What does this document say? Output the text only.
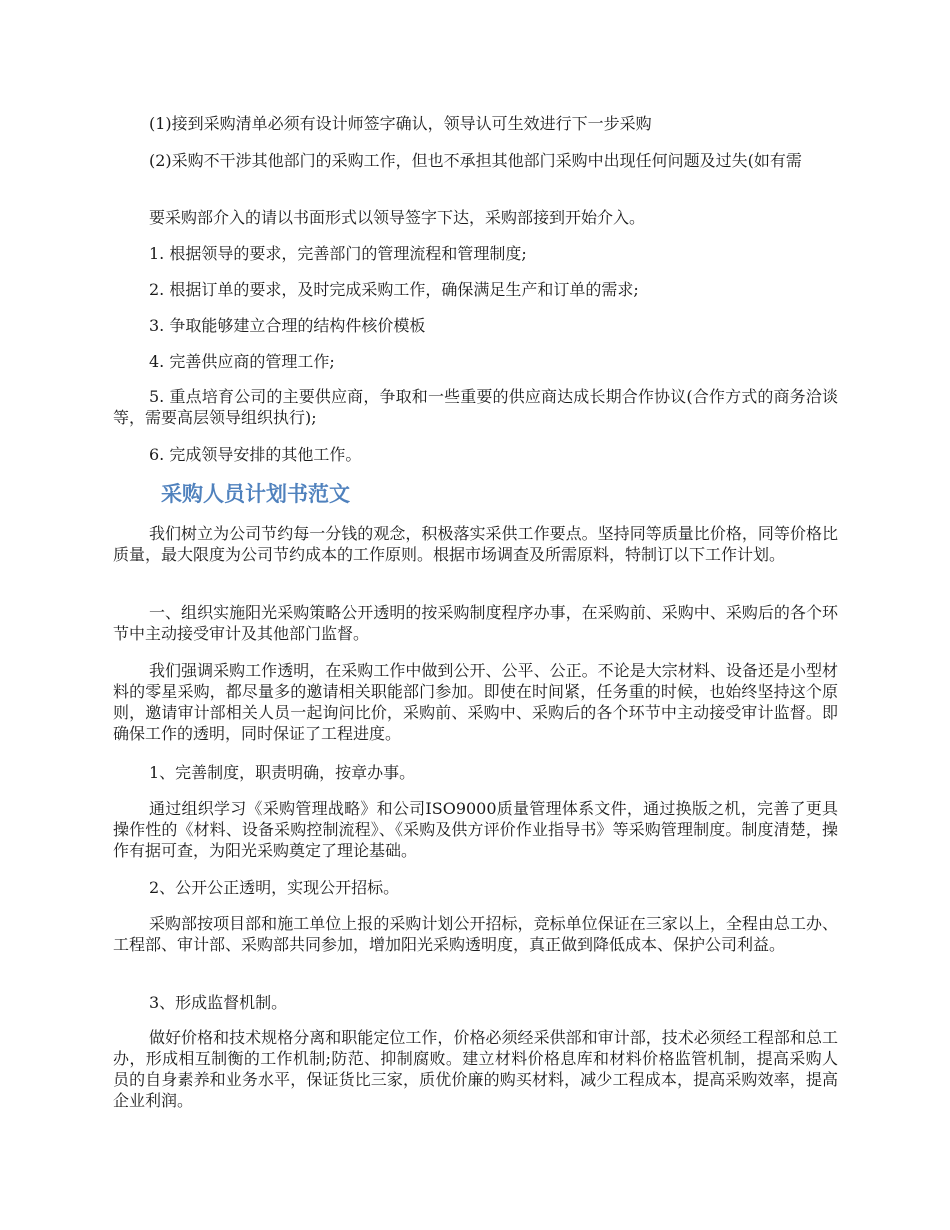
(1)接到采购清单必须有设计师签字确认，领导认可生效进行下一步采购

(2)采购不干涉其他部门的采购工作，但也不承担其他部门采购中出现任何问题及过失(如有需

要采购部介入的请以书面形式以领导签字下达，采购部接到开始介入。

1. 根据领导的要求，完善部门的管理流程和管理制度;

2. 根据订单的要求，及时完成采购工作，确保满足生产和订单的需求;

3. 争取能够建立合理的结构件核价模板

4. 完善供应商的管理工作;

5. 重点培育公司的主要供应商，争取和一些重要的供应商达成长期合作协议(合作方式的商务洽谈等，需要高层领导组织执行);

6. 完成领导安排的其他工作。

采购人员计划书范文

我们树立为公司节约每一分钱的观念，积极落实采供工作要点。坚持同等质量比价格，同等价格比质量，最大限度为公司节约成本的工作原则。根据市场调查及所需原料，特制订以下工作计划。

一、组织实施阳光采购策略公开透明的按采购制度程序办事，在采购前、采购中、采购后的各个环节中主动接受审计及其他部门监督。

我们强调采购工作透明，在采购工作中做到公开、公平、公正。不论是大宗材料、设备还是小型材料的零星采购，都尽量多的邀请相关职能部门参加。即使在时间紧，任务重的时候，也始终坚持这个原则，邀请审计部相关人员一起询问比价，采购前、采购中、采购后的各个环节中主动接受审计监督。即确保工作的透明，同时保证了工程进度。

1、完善制度，职责明确，按章办事。

通过组织学习《采购管理战略》和公司ISO9000质量管理体系文件，通过换版之机，完善了更具操作性的《材料、设备采购控制流程》、《采购及供方评价作业指导书》等采购管理制度。制度清楚，操作有据可查，为阳光采购奠定了理论基础。

2、公开公正透明，实现公开招标。

采购部按项目部和施工单位上报的采购计划公开招标，竞标单位保证在三家以上，全程由总工办、工程部、审计部、采购部共同参加，增加阳光采购透明度，真正做到降低成本、保护公司利益。

3、形成监督机制。

做好价格和技术规格分离和职能定位工作，价格必须经采供部和审计部，技术必须经工程部和总工办，形成相互制衡的工作机制;防范、抑制腐败。建立材料价格息库和材料价格监管机制，提高采购人员的自身素养和业务水平，保证货比三家，质优价廉的购买材料，减少工程成本，提高采购效率，提高企业利润。
